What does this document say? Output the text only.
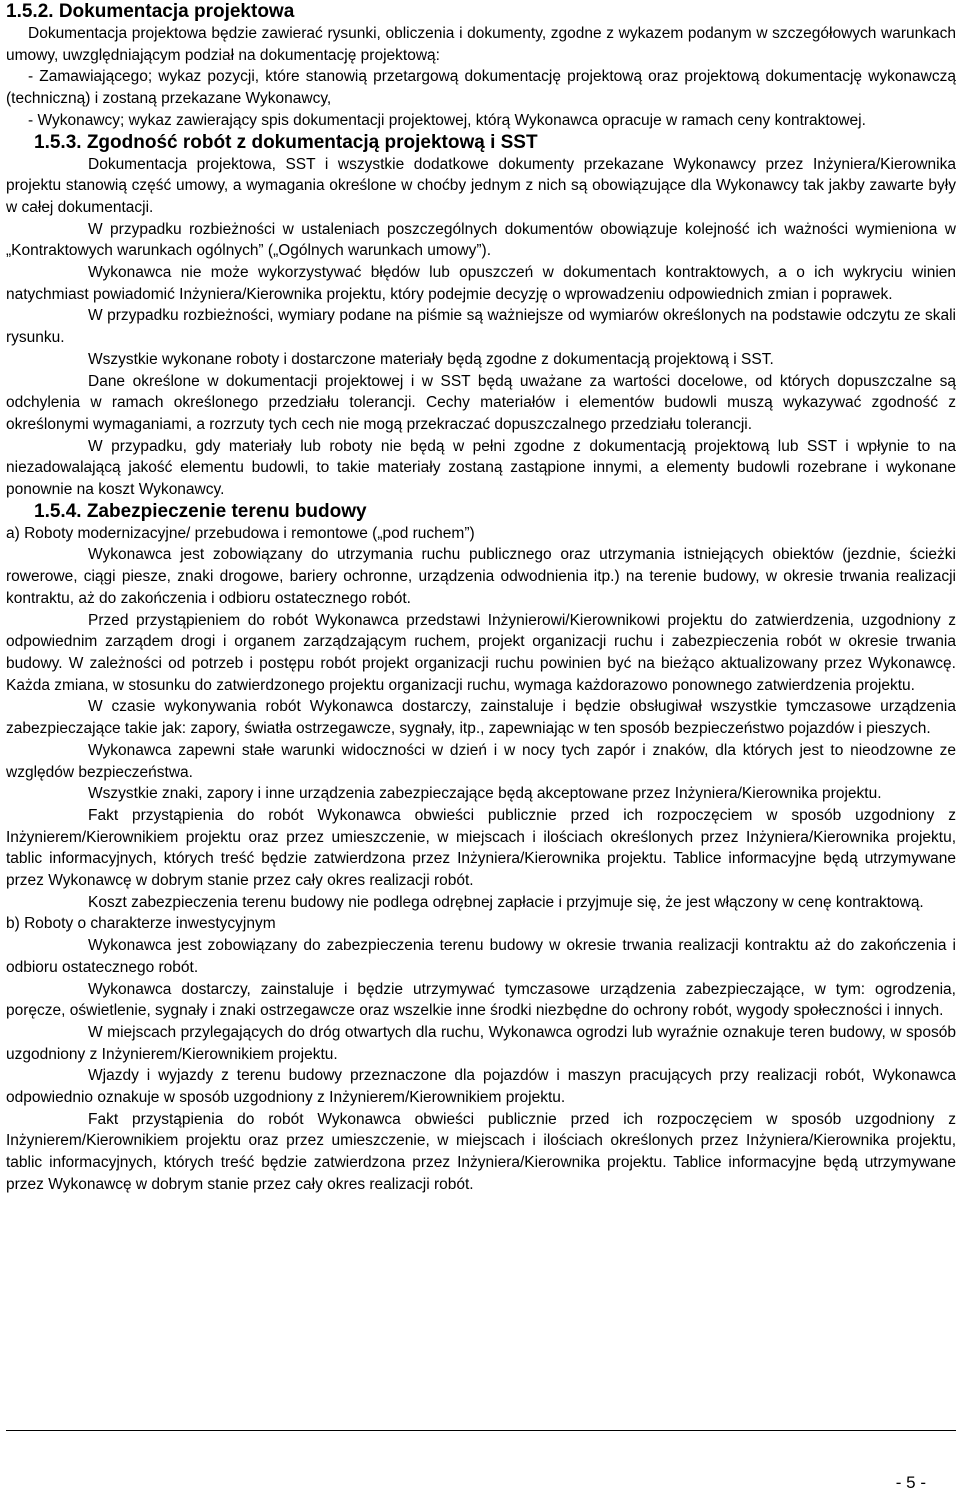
1.5.2. Dokumentacja projektowa

Dokumentacja projektowa będzie zawierać rysunki, obliczenia i dokumenty, zgodne z wykazem podanym w szczegółowych warunkach umowy, uwzględniającym podział na dokumentację projektową:

- Zamawiającego; wykaz pozycji, które stanowią przetargową dokumentację projektową oraz projektową dokumentację wykonawczą (techniczną) i zostaną przekazane Wykonawcy,

- Wykonawcy; wykaz zawierający spis dokumentacji projektowej, którą Wykonawca opracuje w ramach ceny kontraktowej.

1.5.3. Zgodność robót z dokumentacją projektową i SST

Dokumentacja projektowa, SST i wszystkie dodatkowe dokumenty przekazane Wykonawcy przez Inżyniera/Kierownika projektu stanowią część umowy, a wymagania określone w choćby jednym z nich są obowiązujące dla Wykonawcy tak jakby zawarte były w całej dokumentacji.

W przypadku rozbieżności w ustaleniach poszczególnych dokumentów obowiązuje kolejność ich ważności wymieniona w „Kontraktowych warunkach ogólnych” („Ogólnych warunkach umowy”).

Wykonawca nie może wykorzystywać błędów lub opuszczeń w dokumentach kontraktowych, a o ich wykryciu winien natychmiast powiadomić Inżyniera/Kierownika projektu, który podejmie decyzję o wprowadzeniu odpowiednich zmian i poprawek.

W przypadku rozbieżności, wymiary podane na piśmie są ważniejsze od wymiarów określonych na podstawie odczytu ze skali rysunku.

Wszystkie wykonane roboty i dostarczone materiały będą zgodne z dokumentacją projektową i SST.

Dane określone w dokumentacji projektowej i w SST będą uważane za wartości docelowe, od których dopuszczalne są odchylenia w ramach określonego przedziału tolerancji. Cechy materiałów i elementów budowli muszą wykazywać zgodność z określonymi wymaganiami, a rozrzuty tych cech nie mogą przekraczać dopuszczalnego przedziału tolerancji.

W przypadku, gdy materiały lub roboty nie będą w pełni zgodne z dokumentacją projektową lub SST i wpłynie to na niezadowalającą jakość elementu budowli, to takie materiały zostaną zastąpione innymi, a elementy budowli rozebrane i wykonane ponownie na koszt Wykonawcy.

1.5.4. Zabezpieczenie terenu budowy

a) Roboty modernizacyjne/ przebudowa i remontowe („pod ruchem”)

Wykonawca jest zobowiązany do utrzymania ruchu publicznego oraz utrzymania istniejących obiektów (jezdnie, ścieżki rowerowe, ciągi piesze, znaki drogowe, bariery ochronne, urządzenia odwodnienia itp.) na terenie budowy, w okresie trwania realizacji kontraktu, aż do zakończenia i odbioru ostatecznego robót.

Przed przystąpieniem do robót Wykonawca przedstawi Inżynierowi/Kierownikowi projektu do zatwierdzenia, uzgodniony z odpowiednim zarządem drogi i organem zarządzającym ruchem, projekt organizacji ruchu i zabezpieczenia robót w okresie trwania budowy. W zależności od potrzeb i postępu robót projekt organizacji ruchu powinien być na bieżąco aktualizowany przez Wykonawcę. Każda zmiana, w stosunku do zatwierdzonego projektu organizacji ruchu, wymaga każdorazowo ponownego zatwierdzenia projektu.

W czasie wykonywania robót Wykonawca dostarczy, zainstaluje i będzie obsługiwał wszystkie tymczasowe urządzenia zabezpieczające takie jak: zapory, światła ostrzegawcze, sygnały, itp., zapewniając w ten sposób bezpieczeństwo pojazdów i pieszych.

Wykonawca zapewni stałe warunki widoczności w dzień i w nocy tych zapór i znaków, dla których jest to nieodzowne ze względów bezpieczeństwa.

Wszystkie znaki, zapory i inne urządzenia zabezpieczające będą akceptowane przez Inżyniera/Kierownika projektu.

Fakt przystąpienia do robót Wykonawca obwieści publicznie przed ich rozpoczęciem w sposób uzgodniony z Inżynierem/Kierownikiem projektu oraz przez umieszczenie, w miejscach i ilościach określonych przez Inżyniera/Kierownika projektu, tablic informacyjnych, których treść będzie zatwierdzona przez Inżyniera/Kierownika projektu. Tablice informacyjne będą utrzymywane przez Wykonawcę w dobrym stanie przez cały okres realizacji robót.

Koszt zabezpieczenia terenu budowy nie podlega odrębnej zapłacie i przyjmuje się, że jest włączony w cenę kontraktową.

b) Roboty o charakterze inwestycyjnym

Wykonawca jest zobowiązany do zabezpieczenia terenu budowy w okresie trwania realizacji kontraktu aż do zakończenia i odbioru ostatecznego robót.

Wykonawca dostarczy, zainstaluje i będzie utrzymywać tymczasowe urządzenia zabezpieczające, w tym: ogrodzenia, poręcze, oświetlenie, sygnały i znaki ostrzegawcze oraz wszelkie inne środki niezbędne do ochrony robót, wygody społeczności i innych.

W miejscach przylegających do dróg otwartych dla ruchu, Wykonawca ogrodzi lub wyraźnie oznakuje teren budowy, w sposób uzgodniony z Inżynierem/Kierownikiem projektu.

Wjazdy i wyjazdy z terenu budowy przeznaczone dla pojazdów i maszyn pracujących przy realizacji robót, Wykonawca odpowiednio oznakuje w sposób uzgodniony z Inżynierem/Kierownikiem projektu.

Fakt przystąpienia do robót Wykonawca obwieści publicznie przed ich rozpoczęciem w sposób uzgodniony z Inżynierem/Kierownikiem projektu oraz przez umieszczenie, w miejscach i ilościach określonych przez Inżyniera/Kierownika projektu, tablic informacyjnych, których treść będzie zatwierdzona przez Inżyniera/Kierownika projektu. Tablice informacyjne będą utrzymywane przez Wykonawcę w dobrym stanie przez cały okres realizacji robót.

- 5 -
